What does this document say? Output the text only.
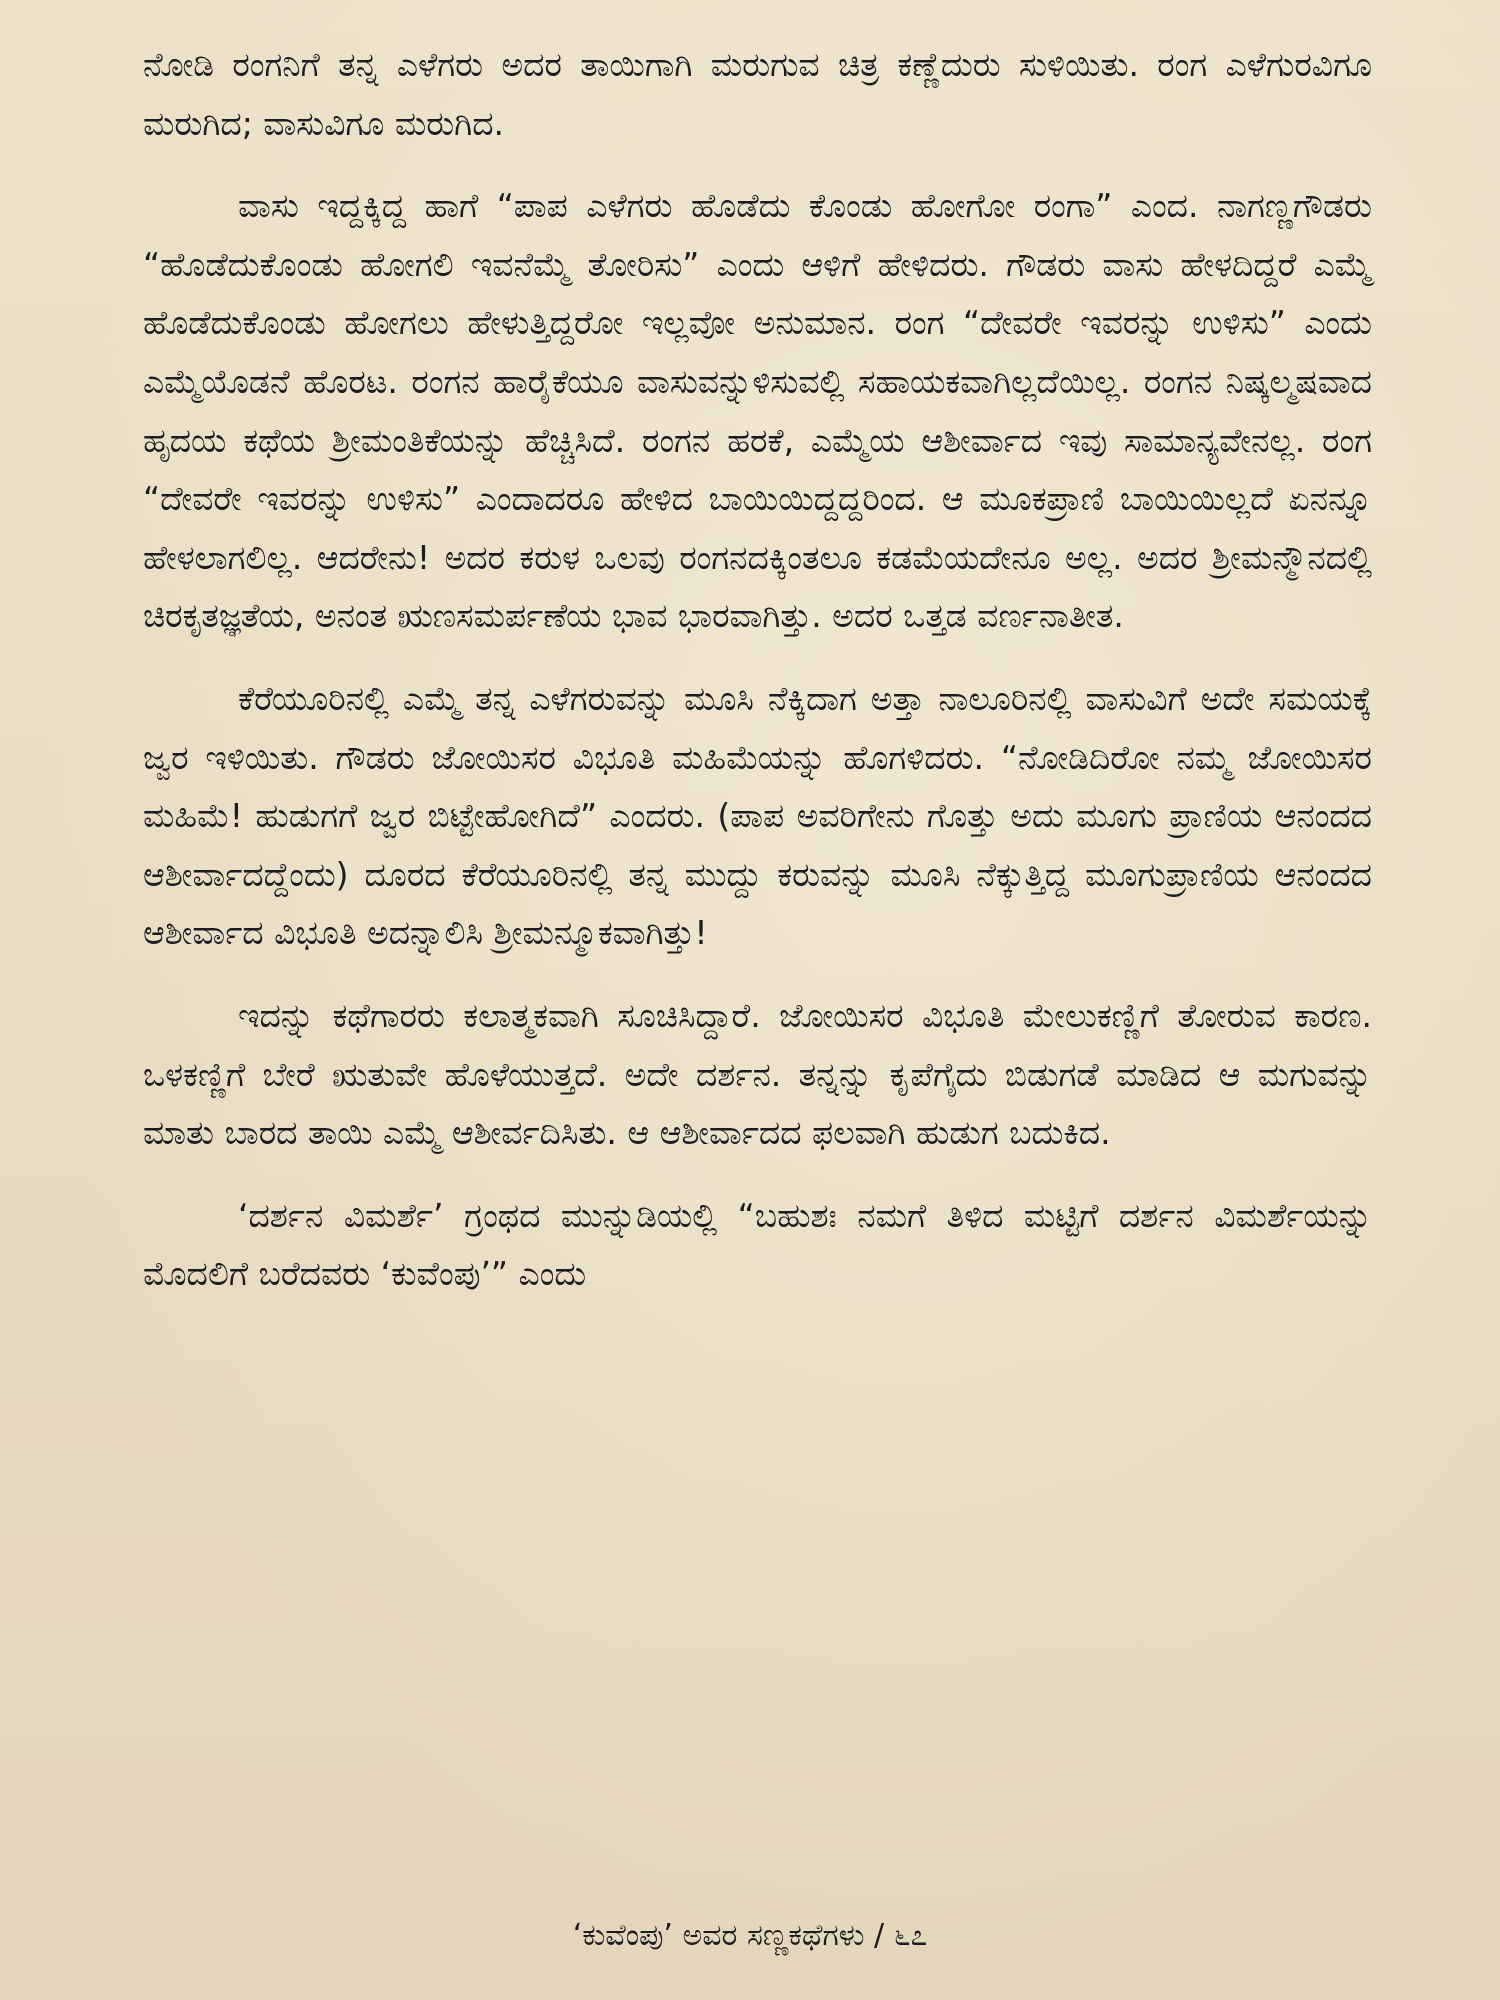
ನೋಡಿ ರಂಗನಿಗೆ ತನ್ನ ಎಳೆಗರು ಅದರ ತಾಯಿಗಾಗಿ ಮರುಗುವ ಚಿತ್ರ ಕಣ್ಣೆದುರು ಸುಳಿಯಿತು. ರಂಗ ಎಳೆಗುರವಿಗೂ ಮರುಗಿದ; ವಾಸುವಿಗೂ ಮರುಗಿದ.

ವಾಸು ಇದ್ದಕ್ಕಿದ್ದ ಹಾಗೆ “ಪಾಪ ಎಳೆಗರು ಹೊಡೆದು ಕೊಂಡು ಹೋಗೋ ರಂಗಾ” ಎಂದ. ನಾಗಣ್ಣಗೌಡರು “ಹೊಡೆದುಕೊಂಡು ಹೋಗಲಿ ಇವನೆಮ್ಮೆ ತೋರಿಸು” ಎಂದು ಆಳಿಗೆ ಹೇಳಿದರು. ಗೌಡರು ವಾಸು ಹೇಳದಿದ್ದರೆ ಎಮ್ಮೆ ಹೊಡೆದುಕೊಂಡು ಹೋಗಲು ಹೇಳುತ್ತಿದ್ದರೋ ಇಲ್ಲವೋ ಅನುಮಾನ. ರಂಗ “ದೇವರೇ ಇವರನ್ನು ಉಳಿಸು” ಎಂದು ಎಮ್ಮೆಯೊಡನೆ ಹೊರಟ. ರಂಗನ ಹಾರೈಕೆಯೂ ವಾಸುವನ್ನುಳಿಸುವಲ್ಲಿ ಸಹಾಯಕವಾಗಿಲ್ಲದೆಯಿಲ್ಲ. ರಂಗನ ನಿಷ್ಕಲ್ಮಷವಾದ ಹೃದಯ ಕಥೆಯ ಶ್ರೀಮಂತಿಕೆಯನ್ನು ಹೆಚ್ಚಿಸಿದೆ. ರಂಗನ ಹರಕೆ, ಎಮ್ಮೆಯ ಆಶೀರ್ವಾದ ಇವು ಸಾಮಾನ್ಯವೇನಲ್ಲ. ರಂಗ “ದೇವರೇ ಇವರನ್ನು ಉಳಿಸು” ಎಂದಾದರೂ ಹೇಳಿದ ಬಾಯಿಯಿದ್ದದ್ದರಿಂದ. ಆ ಮೂಕಪ್ರಾಣಿ ಬಾಯಿಯಿಲ್ಲದೆ ಏನನ್ನೂ ಹೇಳಲಾಗಲಿಲ್ಲ. ಆದರೇನು! ಅದರ ಕರುಳ ಒಲವು ರಂಗನದಕ್ಕಿಂತಲೂ ಕಡಮೆಯದೇನೂ ಅಲ್ಲ. ಅದರ ಶ್ರೀಮನ್ಮೌನದಲ್ಲಿ ಚಿರಕೃತಜ್ಞತೆಯ, ಅನಂತ ಋಣಸಮರ್ಪಣೆಯ ಭಾವ ಭಾರವಾಗಿತ್ತು. ಅದರ ಒತ್ತಡ ವರ್ಣನಾತೀತ.

ಕೆರೆಯೂರಿನಲ್ಲಿ ಎಮ್ಮೆ ತನ್ನ ಎಳೆಗರುವನ್ನು ಮೂಸಿ ನೆಕ್ಕಿದಾಗ ಅತ್ತಾ ನಾಲೂರಿನಲ್ಲಿ ವಾಸುವಿಗೆ ಅದೇ ಸಮಯಕ್ಕೆ ಜ್ವರ ಇಳಿಯಿತು. ಗೌಡರು ಜೋಯಿಸರ ವಿಭೂತಿ ಮಹಿಮೆಯನ್ನು ಹೊಗಳಿದರು. “ನೋಡಿದಿರೋ ನಮ್ಮ ಜೋಯಿಸರ ಮಹಿಮೆ! ಹುಡುಗಗೆ ಜ್ವರ ಬಿಟ್ಟೇಹೋಗಿದೆ” ಎಂದರು. (ಪಾಪ ಅವರಿಗೇನು ಗೊತ್ತು ಅದು ಮೂಗು ಪ್ರಾಣಿಯ ಆನಂದದ ಆಶೀರ್ವಾದದ್ದೆಂದು) ದೂರದ ಕೆರೆಯೂರಿನಲ್ಲಿ ತನ್ನ ಮುದ್ದು ಕರುವನ್ನು ಮೂಸಿ ನೆಕ್ಕುತ್ತಿದ್ದ ಮೂಗುಪ್ರಾಣಿಯ ಆನಂದದ ಆಶೀರ್ವಾದ ವಿಭೂತಿ ಅದನ್ನಾಲಿಸಿ ಶ್ರೀಮನ್ಮೂಕವಾಗಿತ್ತು!

ಇದನ್ನು ಕಥೆಗಾರರು ಕಲಾತ್ಮಕವಾಗಿ ಸೂಚಿಸಿದ್ದಾರೆ. ಜೋಯಿಸರ ವಿಭೂತಿ ಮೇಲುಕಣ್ಣಿಗೆ ತೋರುವ ಕಾರಣ. ಒಳಕಣ್ಣಿಗೆ ಬೇರೆ ಋತುವೇ ಹೊಳೆಯುತ್ತದೆ. ಅದೇ ದರ್ಶನ. ತನ್ನನ್ನು ಕೃಪೆಗೈದು ಬಿಡುಗಡೆ ಮಾಡಿದ ಆ ಮಗುವನ್ನು ಮಾತು ಬಾರದ ತಾಯಿ ಎಮ್ಮೆ ಆಶೀರ್ವದಿಸಿತು. ಆ ಆಶೀರ್ವಾದದ ಫಲವಾಗಿ ಹುಡುಗ ಬದುಕಿದ.

‘ದರ್ಶನ ವಿಮರ್ಶೆ’ ಗ್ರಂಥದ ಮುನ್ನುಡಿಯಲ್ಲಿ “ಬಹುಶಃ ನಮಗೆ ತಿಳಿದ ಮಟ್ಟಿಗೆ ದರ್ಶನ ವಿಮರ್ಶೆಯನ್ನು ಮೊದಲಿಗೆ ಬರೆದವರು ‘ಕುವೆಂಪು’” ಎಂದು

‘ಕುವೆಂಪು’ ಅವರ ಸಣ್ಣಕಥೆಗಳು / ೬೭
